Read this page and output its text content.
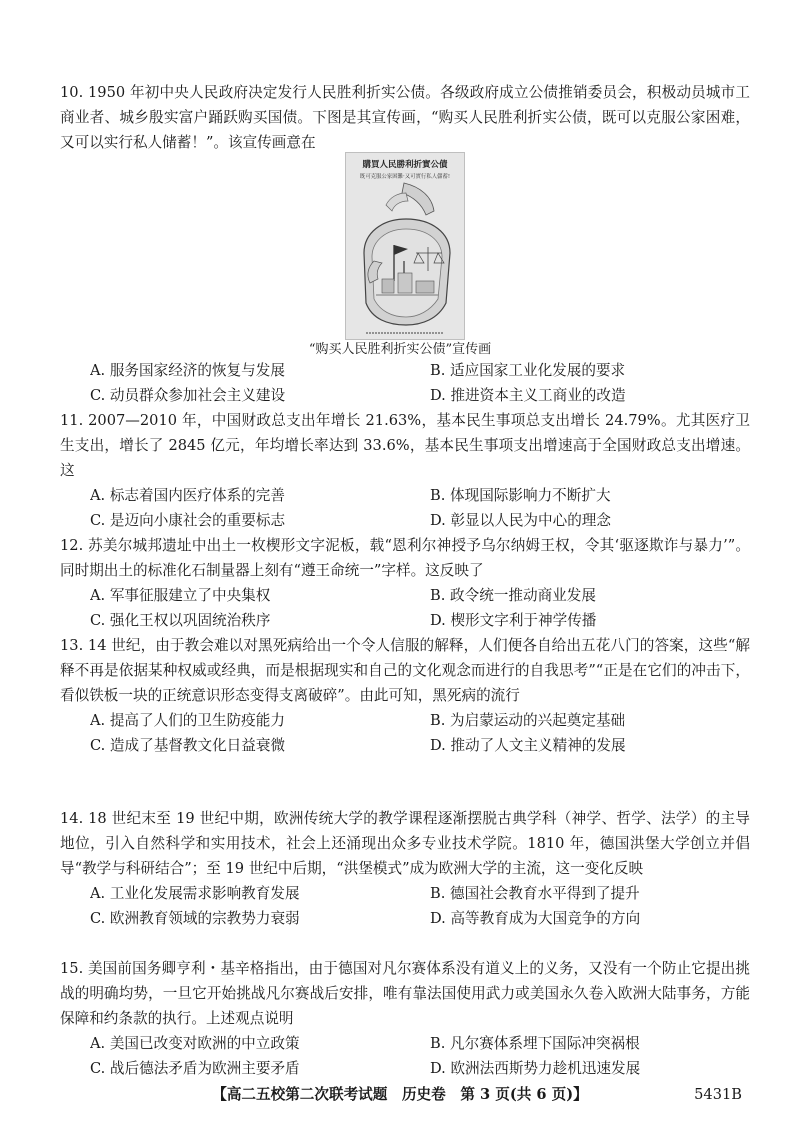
10. 1950 年初中央人民政府决定发行人民胜利折实公债。各级政府成立公债推销委员会，积极动员城市工商业者、城乡殷实富户踊跃购买国债。下图是其宣传画，“购买人民胜利折实公债，既可以克服公家困难，又可以实行私人储蓄！”。该宣传画意在

購買人民勝利折實公債
既可克服公家困難·又可實行私人儲蓄!
“购买人民胜利折实公债”宣传画
A. 服务国家经济的恢复与发展	B. 适应国家工业化发展的要求
C. 动员群众参加社会主义建设	D. 推进资本主义工商业的改造

11. 2007—2010 年，中国财政总支出年增长 21.63%，基本民生事项总支出增长 24.79%。尤其医疗卫生支出，增长了 2845 亿元，年均增长率达到 33.6%，基本民生事项支出增速高于全国财政总支出增速。这

A. 标志着国内医疗体系的完善	B. 体现国际影响力不断扩大
C. 是迈向小康社会的重要标志	D. 彰显以人民为中心的理念

12. 苏美尔城邦遗址中出土一枚楔形文字泥板，载“恩利尔神授予乌尔纳姆王权，令其‘驱逐欺诈与暴力’”。同时期出土的标准化石制量器上刻有“遵王命统一”字样。这反映了

A. 军事征服建立了中央集权	B. 政令统一推动商业发展
C. 强化王权以巩固统治秩序	D. 楔形文字利于神学传播

13. 14 世纪，由于教会难以对黑死病给出一个令人信服的解释，人们便各自给出五花八门的答案，这些“解释不再是依据某种权威或经典，而是根据现实和自己的文化观念而进行的自我思考”“正是在它们的冲击下，看似铁板一块的正统意识形态变得支离破碎”。由此可知，黑死病的流行

A. 提高了人们的卫生防疫能力	B. 为启蒙运动的兴起奠定基础
C. 造成了基督教文化日益衰微	D. 推动了人文主义精神的发展

14. 18 世纪末至 19 世纪中期，欧洲传统大学的教学课程逐渐摆脱古典学科（神学、哲学、法学）的主导地位，引入自然科学和实用技术，社会上还涌现出众多专业技术学院。1810 年，德国洪堡大学创立并倡导“教学与科研结合”；至 19 世纪中后期，“洪堡模式”成为欧洲大学的主流，这一变化反映

A. 工业化发展需求影响教育发展	B. 德国社会教育水平得到了提升
C. 欧洲教育领域的宗教势力衰弱	D. 高等教育成为大国竞争的方向

15. 美国前国务卿亨利・基辛格指出，由于德国对凡尔赛体系没有道义上的义务，又没有一个防止它提出挑战的明确均势，一旦它开始挑战凡尔赛战后安排，唯有靠法国使用武力或美国永久卷入欧洲大陆事务，方能保障和约条款的执行。上述观点说明

A. 美国已改变对欧洲的中立政策	B. 凡尔赛体系埋下国际冲突祸根
C. 战后德法矛盾为欧洲主要矛盾	D. 欧洲法西斯势力趁机迅速发展
【高二五校第二次联考试题　历史卷　第 3 页(共 6 页)】	5431B
